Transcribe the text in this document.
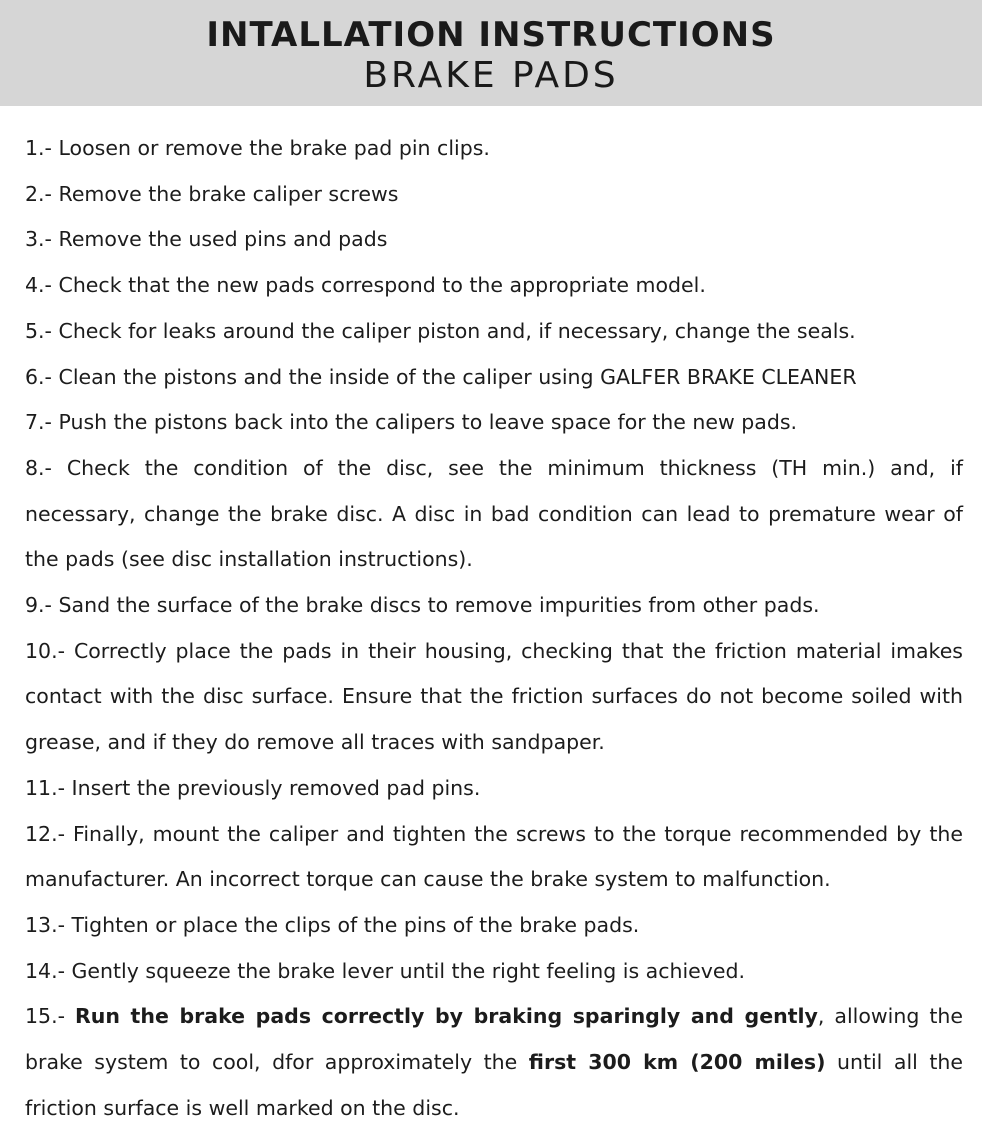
INTALLATION INSTRUCTIONS
BRAKE PADS
1.- Loosen or remove the brake pad pin clips.
2.- Remove the brake caliper screws
3.- Remove the used pins and pads
4.- Check that the new pads correspond to the appropriate model.
5.- Check for leaks around the caliper piston and, if necessary, change the seals.
6.- Clean the pistons and the inside of the caliper using GALFER BRAKE CLEANER
7.- Push the pistons back into the calipers to leave space for the new pads.
8.- Check the condition of the disc, see the minimum thickness (TH min.) and, if necessary, change the brake disc. A disc in bad condition can lead to premature wear of the pads (see disc installation instructions).
9.- Sand the surface of the brake discs to remove impurities from other pads.
10.- Correctly place the pads in their housing, checking that the friction material imakes contact with the disc surface. Ensure that the friction surfaces do not become soiled with grease, and if they do remove all traces with sandpaper.
11.- Insert the previously removed pad pins.
12.- Finally, mount the caliper and tighten the screws to the torque recommended by the manufacturer. An incorrect torque can cause the brake system to malfunction.
13.- Tighten or place the clips of the pins of the brake pads.
14.- Gently squeeze the brake lever until the right feeling is achieved.
15.- Run the brake pads correctly by braking sparingly and gently, allowing the brake system to cool, dfor approximately the first 300 km (200 miles) until all the friction surface is well marked on the disc.
